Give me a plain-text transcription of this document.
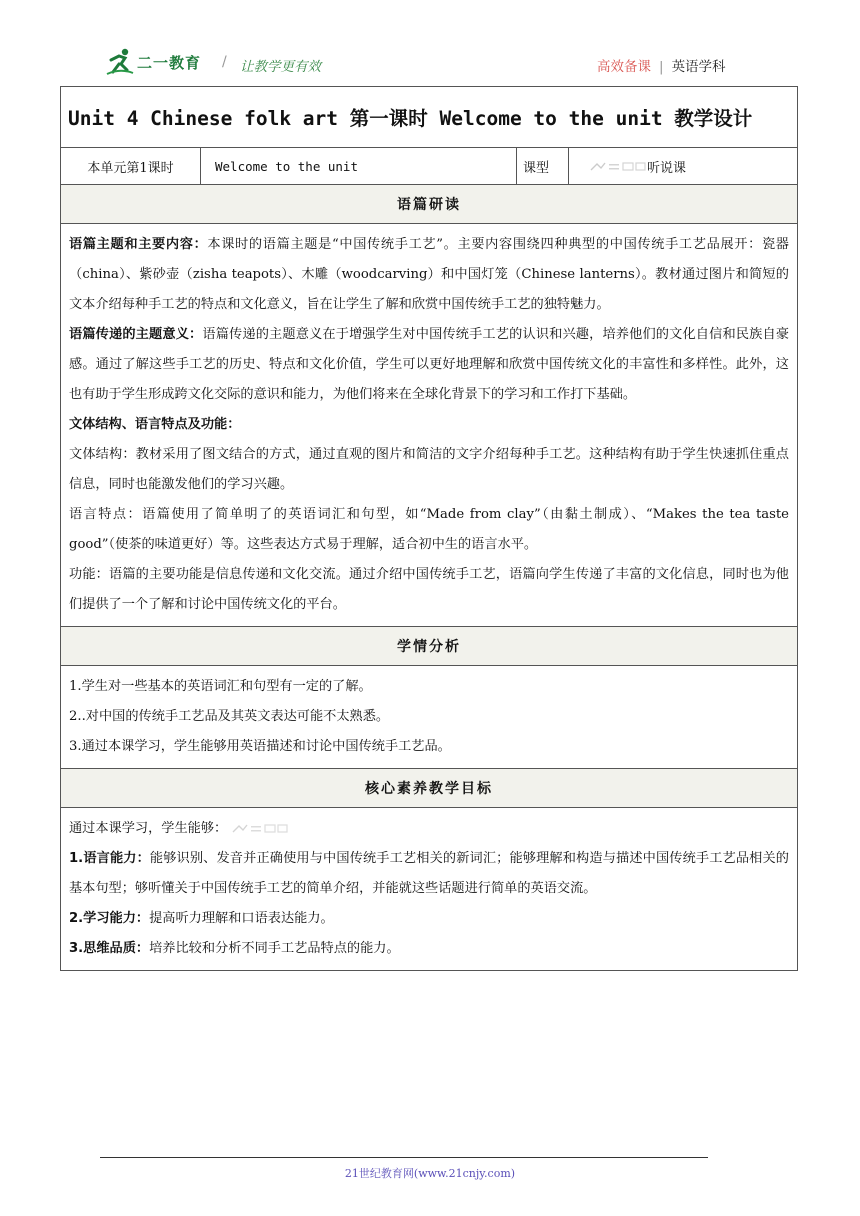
二一教育 / 让教学更有效	高效备课 | 英语学科
Unit 4 Chinese folk art 第一课时 Welcome to the unit 教学设计
本单元第1课时	Welcome to the unit	课型	听说课
语篇研读

语篇主题和主要内容：本课时的语篇主题是“中国传统手工艺”。主要内容围绕四种典型的中国传统手工艺品展开：瓷器（china）、紫砂壶（zisha teapots）、木雕（woodcarving）和中国灯笼（Chinese lanterns）。教材通过图片和简短的文本介绍每种手工艺的特点和文化意义，旨在让学生了解和欣赏中国传统手工艺的独特魅力。

语篇传递的主题意义：语篇传递的主题意义在于增强学生对中国传统手工艺的认识和兴趣，培养他们的文化自信和民族自豪感。通过了解这些手工艺的历史、特点和文化价值，学生可以更好地理解和欣赏中国传统文化的丰富性和多样性。此外，这也有助于学生形成跨文化交际的意识和能力，为他们将来在全球化背景下的学习和工作打下基础。

文体结构、语言特点及功能：

文体结构：教材采用了图文结合的方式，通过直观的图片和简洁的文字介绍每种手工艺。这种结构有助于学生快速抓住重点信息，同时也能激发他们的学习兴趣。

语言特点：语篇使用了简单明了的英语词汇和句型，如“Made from clay”（由黏土制成）、“Makes the tea taste good”（使茶的味道更好）等。这些表达方式易于理解，适合初中生的语言水平。

功能：语篇的主要功能是信息传递和文化交流。通过介绍中国传统手工艺，语篇向学生传递了丰富的文化信息，同时也为他们提供了一个了解和讨论中国传统文化的平台。

学情分析

1.学生对一些基本的英语词汇和句型有一定的了解。

2..对中国的传统手工艺品及其英文表达可能不太熟悉。

3.通过本课学习，学生能够用英语描述和讨论中国传统手工艺品。

核心素养教学目标

通过本课学习，学生能够：

1.语言能力：能够识别、发音并正确使用与中国传统手工艺相关的新词汇；能够理解和构造与描述中国传统手工艺品相关的基本句型；够听懂关于中国传统手工艺的简单介绍，并能就这些话题进行简单的英语交流。

2.学习能力：提高听力理解和口语表达能力。

3.思维品质：培养比较和分析不同手工艺品特点的能力。

21世纪教育网(www.21cnjy.com)
